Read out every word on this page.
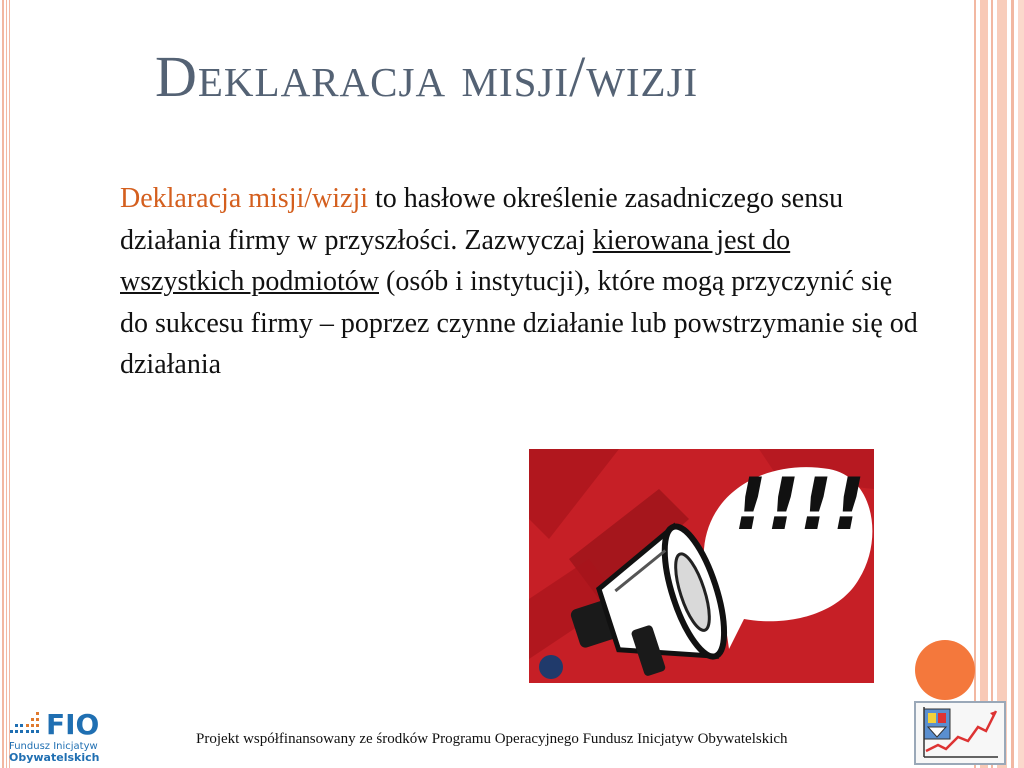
Deklaracja misji/wizji
Deklaracja misji/wizji to hasłowe określenie zasadniczego sensu działania firmy w przyszłości. Zazwyczaj kierowana jest do wszystkich podmiotów (osób i instytucji), które mogą przyczynić się do sukcesu firmy – poprzez czynne działanie lub powstrzymanie się od działania
!!!!
FIO
Fundusz Inicjatyw
Obywatelskich
Projekt współfinansowany ze środków Programu Operacyjnego Fundusz Inicjatyw Obywatelskich
